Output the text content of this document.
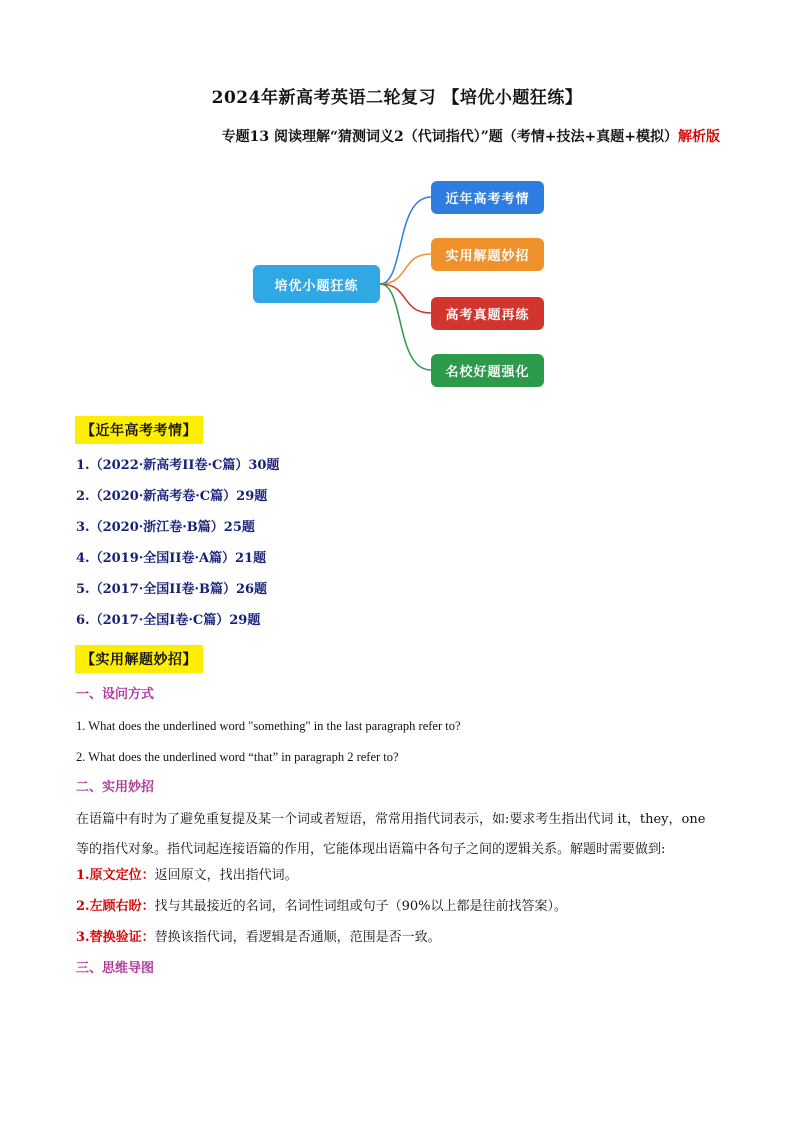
2024年新高考英语二轮复习 【培优小题狂练】
专题13 阅读理解“猜测词义2（代词指代）”题（考情+技法+真题+模拟）解析版
培优小题狂练
近年高考考情
实用解题妙招
高考真题再练
名校好题强化
【近年高考考情】
1.（2022·新高考II卷·C篇）30题
2.（2020·新高考卷·C篇）29题
3.（2020·浙江卷·B篇）25题
4.（2019·全国II卷·A篇）21题
5.（2017·全国II卷·B篇）26题
6.（2017·全国I卷·C篇）29题
【实用解题妙招】
一、设问方式
1. What does the underlined word "something" in the last paragraph refer to?
2. What does the underlined word “that” in paragraph 2 refer to?
二、实用妙招
在语篇中有时为了避免重复提及某一个词或者短语，常常用指代词表示，如:要求考生指出代词 it，they，one 等的指代对象。指代词起连接语篇的作用，它能体现出语篇中各句子之间的逻辑关系。解题时需要做到:
1.原文定位：返回原文，找出指代词。
2.左顾右盼：找与其最接近的名词，名词性词组或句子（90%以上都是往前找答案）。
3.替换验证：替换该指代词，看逻辑是否通顺，范围是否一致。
三、思维导图
